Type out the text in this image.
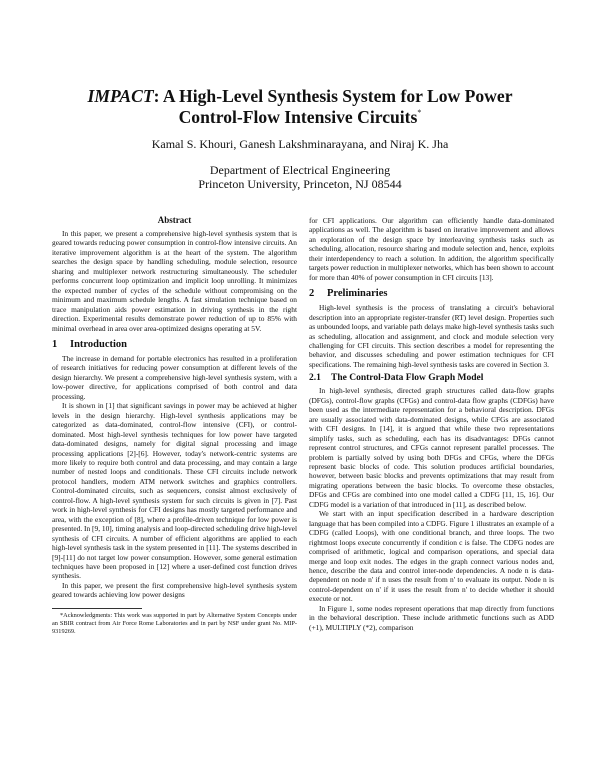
IMPACT: A High-Level Synthesis System for Low Power
Control-Flow Intensive Circuits*

Kamal S. Khouri, Ganesh Lakshminarayana, and Niraj K. Jha

Department of Electrical Engineering
Princeton University, Princeton, NJ 08544

Abstract

In this paper, we present a comprehensive high-level synthesis system that is geared towards reducing power consumption in control-flow intensive circuits. An iterative improvement algorithm is at the heart of the system. The algorithm searches the design space by handling scheduling, module selection, resource sharing and multiplexer network restructuring simultaneously. The scheduler performs concurrent loop optimization and implicit loop unrolling. It minimizes the expected number of cycles of the schedule without compromising on the minimum and maximum schedule lengths. A fast simulation technique based on trace manipulation aids power estimation in driving synthesis in the right direction. Experimental results demonstrate power reduction of up to 85% with minimal overhead in area over area-optimized designs operating at 5V.

1 Introduction

The increase in demand for portable electronics has resulted in a proliferation of research initiatives for reducing power consumption at different levels of the design hierarchy. We present a comprehensive high-level synthesis system, with a low-power directive, for applications comprised of both control and data processing.

It is shown in [1] that significant savings in power may be achieved at higher levels in the design hierarchy. High-level synthesis applications may be categorized as data-dominated, control-flow intensive (CFI), or control-dominated. Most high-level synthesis techniques for low power have targeted data-dominated designs, namely for digital signal processing and image processing applications [2]-[6]. However, today's network-centric systems are more likely to require both control and data processing, and may contain a large number of nested loops and conditionals. These CFI circuits include network protocol handlers, modern ATM network switches and graphics controllers. Control-dominated circuits, such as sequencers, consist almost exclusively of control-flow. A high-level synthesis system for such circuits is given in [7]. Past work in high-level synthesis for CFI designs has mostly targeted performance and area, with the exception of [8], where a profile-driven technique for low power is presented. In [9, 10], timing analysis and loop-directed scheduling drive high-level synthesis of CFI circuits. A number of efficient algorithms are applied to each high-level synthesis task in the system presented in [11]. The systems described in [9]-[11] do not target low power consumption. However, some general estimation techniques have been proposed in [12] where a user-defined cost function drives synthesis.

In this paper, we present the first comprehensive high-level synthesis system geared towards achieving low power designs

*Acknowledgments: This work was supported in part by Alternative System Concepts under an SBIR contract from Air Force Rome Laboratories and in part by NSF under grant No. MIP-9319269.

for CFI applications. Our algorithm can efficiently handle data-dominated applications as well. The algorithm is based on iterative improvement and allows an exploration of the design space by interleaving synthesis tasks such as scheduling, allocation, resource sharing and module selection and, hence, exploits their interdependency to reach a solution. In addition, the algorithm specifically targets power reduction in multiplexer networks, which has been shown to account for more than 40% of power consumption in CFI circuits [13].

2 Preliminaries

High-level synthesis is the process of translating a circuit's behavioral description into an appropriate register-transfer (RT) level design. Properties such as unbounded loops, and variable path delays make high-level synthesis tasks such as scheduling, allocation and assignment, and clock and module selection very challenging for CFI circuits. This section describes a model for representing the behavior, and discusses scheduling and power estimation techniques for CFI specifications. The remaining high-level synthesis tasks are covered in Section 3.

2.1 The Control-Data Flow Graph Model

In high-level synthesis, directed graph structures called data-flow graphs (DFGs), control-flow graphs (CFGs) and control-data flow graphs (CDFGs) have been used as the intermediate representation for a behavioral description. DFGs are usually associated with data-dominated designs, while CFGs are associated with CFI designs. In [14], it is argued that while these two representations simplify tasks, such as scheduling, each has its disadvantages: DFGs cannot represent control structures, and CFGs cannot represent parallel processes. The problem is partially solved by using both DFGs and CFGs, where the DFGs represent basic blocks of code. This solution produces artificial boundaries, however, between basic blocks and prevents optimizations that may result from migrating operations between the basic blocks. To overcome these obstacles, DFGs and CFGs are combined into one model called a CDFG [11, 15, 16]. Our CDFG model is a variation of that introduced in [11], as described below.

We start with an input specification described in a hardware description language that has been compiled into a CDFG. Figure 1 illustrates an example of a CDFG (called Loops), with one conditional branch, and three loops. The two rightmost loops execute concurrently if condition c is false. The CDFG nodes are comprised of arithmetic, logical and comparison operations, and special data merge and loop exit nodes. The edges in the graph connect various nodes and, hence, describe the data and control inter-node dependencies. A node n is data-dependent on node n' if n uses the result from n' to evaluate its output. Node n is control-dependent on n' if it uses the result from n' to decide whether it should execute or not.

In Figure 1, some nodes represent operations that map directly from functions in the behavioral description. These include arithmetic functions such as ADD (+1), MULTIPLY (*2), comparison
